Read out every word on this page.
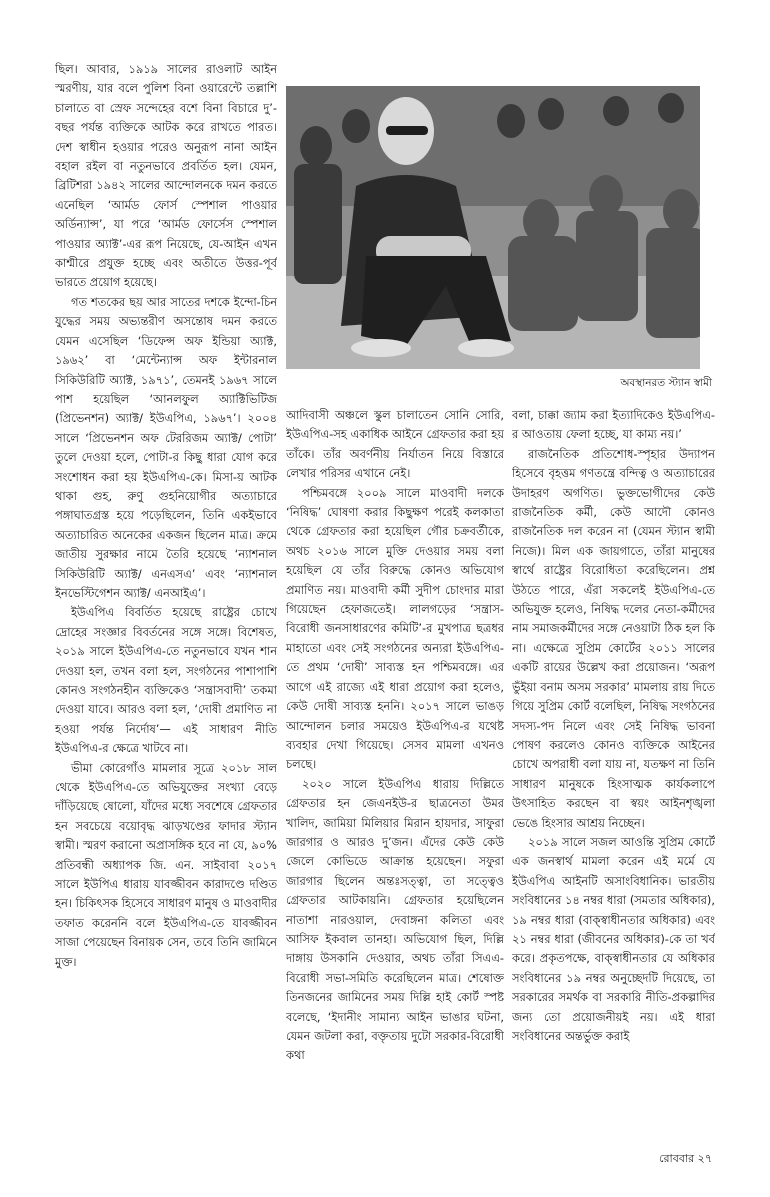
ছিল। আবার, ১৯১৯ সালের রাওলাট আইন স্মরণীয়, যার বলে পুলিশ বিনা ওয়ারেন্টে তল্লাশি চালাতে বা স্রেফ সন্দেহের বশে বিনা বিচারে দু’-বছর পর্যন্ত ব্যক্তিকে আটক করে রাখতে পারত। দেশ স্বাধীন হওয়ার পরেও অনুরূপ নানা আইন বহাল রইল বা নতুনভাবে প্রবর্তিত হল। যেমন, ব্রিটিশরা ১৯৪২ সালের আন্দোলনকে দমন করতে এনেছিল ‘আর্মড ফোর্স স্পেশাল পাওয়ার অর্ডিন্যান্স’, যা পরে ‘আর্মড ফোর্সেস স্পেশাল পাওয়ার অ্যাক্ট’-এর রূপ নিয়েছে, যে-আইন এখন কাশ্মীরে প্রযুক্ত হচ্ছে এবং অতীতে উত্তর-পূর্ব ভারতে প্রয়োগ হয়েছে।

গত শতকের ছয় আর সাতের দশকে ইন্দো-চিন যুদ্ধের সময় অভ্যন্তরীণ অসন্তোষ দমন করতে যেমন এসেছিল ‘ডিফেন্স অফ ইন্ডিয়া অ্যাক্ট, ১৯৬২’ বা ‘মেন্টেন্যান্স অফ ইন্টারনাল সিকিউরিটি অ্যাক্ট, ১৯৭১’, তেমনই ১৯৬৭ সালে পাশ হয়েছিল ‘আনলফুল অ্যাক্টিভিটিজ (প্রিভেনশন) অ্যাক্ট/ ইউএপিএ, ১৯৬৭’। ২০০৪ সালে ‘প্রিভেনশন অফ টেররিজম অ্যাক্ট/ পোটা’ তুলে দেওয়া হলে, পোটা-র কিছু ধারা যোগ করে সংশোধন করা হয় ইউএপিএ-কে। মিসা-য় আটক থাকা গুহ, রুণু গুহনিয়োগীর অত্যাচারে পঙ্গাঘাতগ্রস্ত হয়ে পড়েছিলেন, তিনি একইভাবে অত্যাচারিত অনেকের একজন ছিলেন মাত্র। ক্রমে জাতীয় সুরক্ষার নামে তৈরি হয়েছে ‘ন্যাশনাল সিকিউরিটি অ্যাক্ট/ এনএসএ’ এবং ‘ন্যাশনাল ইনভেস্টিগেশন অ্যাক্ট/ এনআইএ’।

ইউএপিএ বিবর্তিত হয়েছে রাষ্ট্রের চোখে দ্রোহের সংজ্ঞার বিবর্তনের সঙ্গে সঙ্গে। বিশেষত, ২০১৯ সালে ইউএপিএ-তে নতুনভাবে যখন শান দেওয়া হল, তখন বলা হল, সংগঠনের পাশাপাশি কোনও সংগঠনহীন ব্যক্তিকেও ‘সন্ত্রাসবাদী’ তকমা দেওয়া যাবে। আরও বলা হল, ‘দোষী প্রমাণিত না হওয়া পর্যন্ত নির্দোষ’— এই সাধারণ নীতি ইউএপিএ-র ক্ষেত্রে খাটবে না।

ভীমা কোরেগাঁও মামলার সূত্রে ২০১৮ সাল থেকে ইউএপিএ-তে অভিযুক্তের সংখ্যা বেড়ে দাঁড়িয়েছে ষোলো, যাঁদের মধ্যে সবশেষে গ্রেফতার হন সবচেয়ে বয়োবৃদ্ধ ঝাড়খণ্ডের ফাদার স্ট্যান স্বামী। স্মরণ করানো অপ্রাসঙ্গিক হবে না যে, ৯০% প্রতিবন্ধী অধ্যাপক জি. এন. সাইবাবা ২০১৭ সালে ইউপিএ ধারায় যাবজ্জীবন কারাদণ্ডে দণ্ডিত হন। চিকিৎসক হিসেবে সাধারণ মানুষ ও মাওবাদীর তফাত করেননি বলে ইউএপিএ-তে যাবজ্জীবন সাজা পেয়েছেন বিনায়ক সেন, তবে তিনি জামিনে মুক্ত।

অবস্থানরত স্ট্যান স্বামী

আদিবাসী অঞ্চলে স্কুল চালাতেন সোনি সোরি, ইউএপিএ-সহ একাধিক আইনে গ্রেফতার করা হয় তাঁকে। তাঁর অবর্ণনীয় নির্যাতন নিয়ে বিস্তারে লেখার পরিসর এখানে নেই।

পশ্চিমবঙ্গে ২০০৯ সালে মাওবাদী দলকে ‘নিষিদ্ধ’ ঘোষণা করার কিছুক্ষণ পরেই কলকাতা থেকে গ্রেফতার করা হয়েছিল গৌর চক্রবর্তীকে, অথচ ২০১৬ সালে মুক্তি দেওয়ার সময় বলা হয়েছিল যে তাঁর বিরুদ্ধে কোনও অভিযোগ প্রমাণিত নয়। মাওবাদী কর্মী সুদীপ চোংদার মারা গিয়েছেন হেফাজতেই। লালগড়ের ‘সন্ত্রাস-বিরোধী জনসাধারণের কমিটি’-র মুখপাত্র ছত্রধর মাহাতো এবং সেই সংগঠনের অন্যরা ইউএপিএ-তে প্রথম ‘দোষী’ সাব্যস্ত হন পশ্চিমবঙ্গে। এর আগে এই রাজ্যে এই ধারা প্রয়োগ করা হলেও, কেউ দোষী সাব্যস্ত হননি। ২০১৭ সালে ভাঙড় আন্দোলন চলার সময়েও ইউএপিএ-র যথেষ্ট ব্যবহার দেখা গিয়েছে। সেসব মামলা এখনও চলছে।

২০২০ সালে ইউএপিএ ধারায় দিল্লিতে গ্রেফতার হন জেএনইউ-র ছাত্রনেতা উমর খালিদ, জামিয়া মিলিয়ার মিরান হায়দার, সাফুরা জারগার ও আরও দু’জন। এঁদের কেউ কেউ জেলে কোভিডে আক্রান্ত হয়েছেন। সফুরা জারগার ছিলেন অন্তঃসত্ত্বা, তা সত্ত্বেও গ্রেফতার আটকায়নি। গ্রেফতার হয়েছিলেন নাতাশা নারওয়াল, দেবাঙ্গনা কলিতা এবং আসিফ ইকবাল তানহা। অভিযোগ ছিল, দিল্লি দাঙ্গায় উসকানি দেওয়ার, অথচ তাঁরা সিএএ-বিরোধী সভা-সমিতি করেছিলেন মাত্র। শেষোক্ত তিনজনের জামিনের সময় দিল্লি হাই কোর্ট স্পষ্ট বলেছে, ‘ইদানীং সামান্য আইন ভাঙার ঘটনা, যেমন জটলা করা, বক্তৃতায় দুটো সরকার-বিরোধী কথা

বলা, চাক্কা জ্যাম করা ইত্যাদিকেও ইউএপিএ-র আওতায় ফেলা হচ্ছে, যা কাম্য নয়।’

রাজনৈতিক প্রতিশোধ-স্পৃহার উদ্যাপন হিসেবে বৃহত্তম গণতন্ত্রে বন্দিত্ব ও অত্যাচারের উদাহরণ অগণিত। ভুক্তভোগীদের কেউ রাজনৈতিক কর্মী, কেউ আদৌ কোনও রাজনৈতিক দল করেন না (যেমন স্ট্যান স্বামী নিজে)। মিল এক জায়গাতে, তাঁরা মানুষের স্বার্থে রাষ্ট্রের বিরোধিতা করেছিলেন। প্রশ্ন উঠতে পারে, এঁরা সকলেই ইউএপিএ-তে অভিযুক্ত হলেও, নিষিদ্ধ দলের নেতা-কর্মীদের নাম সমাজকর্মীদের সঙ্গে নেওয়াটা ঠিক হল কি না। এক্ষেত্রে সুপ্রিম কোর্টের ২০১১ সালের একটি রায়ের উল্লেখ করা প্রয়োজন। ‘অরূপ ভুঁইয়া বনাম অসম সরকার’ মামলায় রায় দিতে গিয়ে সুপ্রিম কোর্ট বলেছিল, নিষিদ্ধ সংগঠনের সদস্য-পদ নিলে এবং সেই নিষিদ্ধ ভাবনা পোষণ করলেও কোনও ব্যক্তিকে আইনের চোখে অপরাধী বলা যায় না, যতক্ষণ না তিনি সাধারণ মানুষকে হিংসাত্মক কার্যকলাপে উৎসাহিত করছেন বা স্বয়ং আইনশৃঙ্খলা ভেঙে হিংসার আশ্রয় নিচ্ছেন।

২০১৯ সালে সজল আওন্তি সুপ্রিম কোর্টে এক জনস্বার্থ মামলা করেন এই মর্মে যে ইউএপিএ আইনটি অসাংবিধানিক। ভারতীয় সংবিধানের ১৪ নম্বর ধারা (সমতার অধিকার), ১৯ নম্বর ধারা (বাক্‌স্বাধীনতার অধিকার) এবং ২১ নম্বর ধারা (জীবনের অধিকার)-কে তা খর্ব করে। প্রকৃতপক্ষে, বাক্‌স্বাধীনতার যে অধিকার সংবিধানের ১৯ নম্বর অনুচ্ছেদটি দিয়েছে, তা সরকারের সমর্থক বা সরকারি নীতি-প্রকল্পাদির জন্য তো প্রয়োজনীয়ই নয়। এই ধারা সংবিধানের অন্তর্ভুক্ত করাই

রোববার ২৭
